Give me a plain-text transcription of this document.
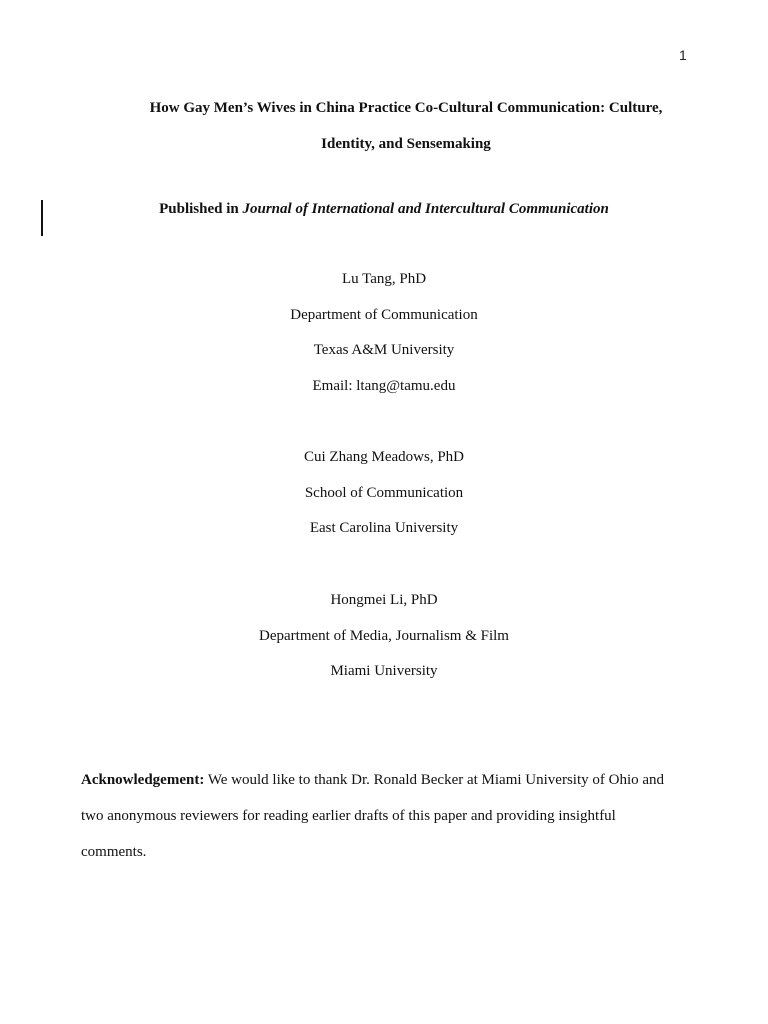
1
How Gay Men’s Wives in China Practice Co-Cultural Communication: Culture,
Identity, and Sensemaking
Published in Journal of International and Intercultural Communication
Lu Tang, PhD
Department of Communication
Texas A&M University
Email: ltang@tamu.edu
Cui Zhang Meadows, PhD
School of Communication
East Carolina University
Hongmei Li, PhD
Department of Media, Journalism & Film
Miami University
Acknowledgement: We would like to thank Dr. Ronald Becker at Miami University of Ohio and
two anonymous reviewers for reading earlier drafts of this paper and providing insightful
comments.
